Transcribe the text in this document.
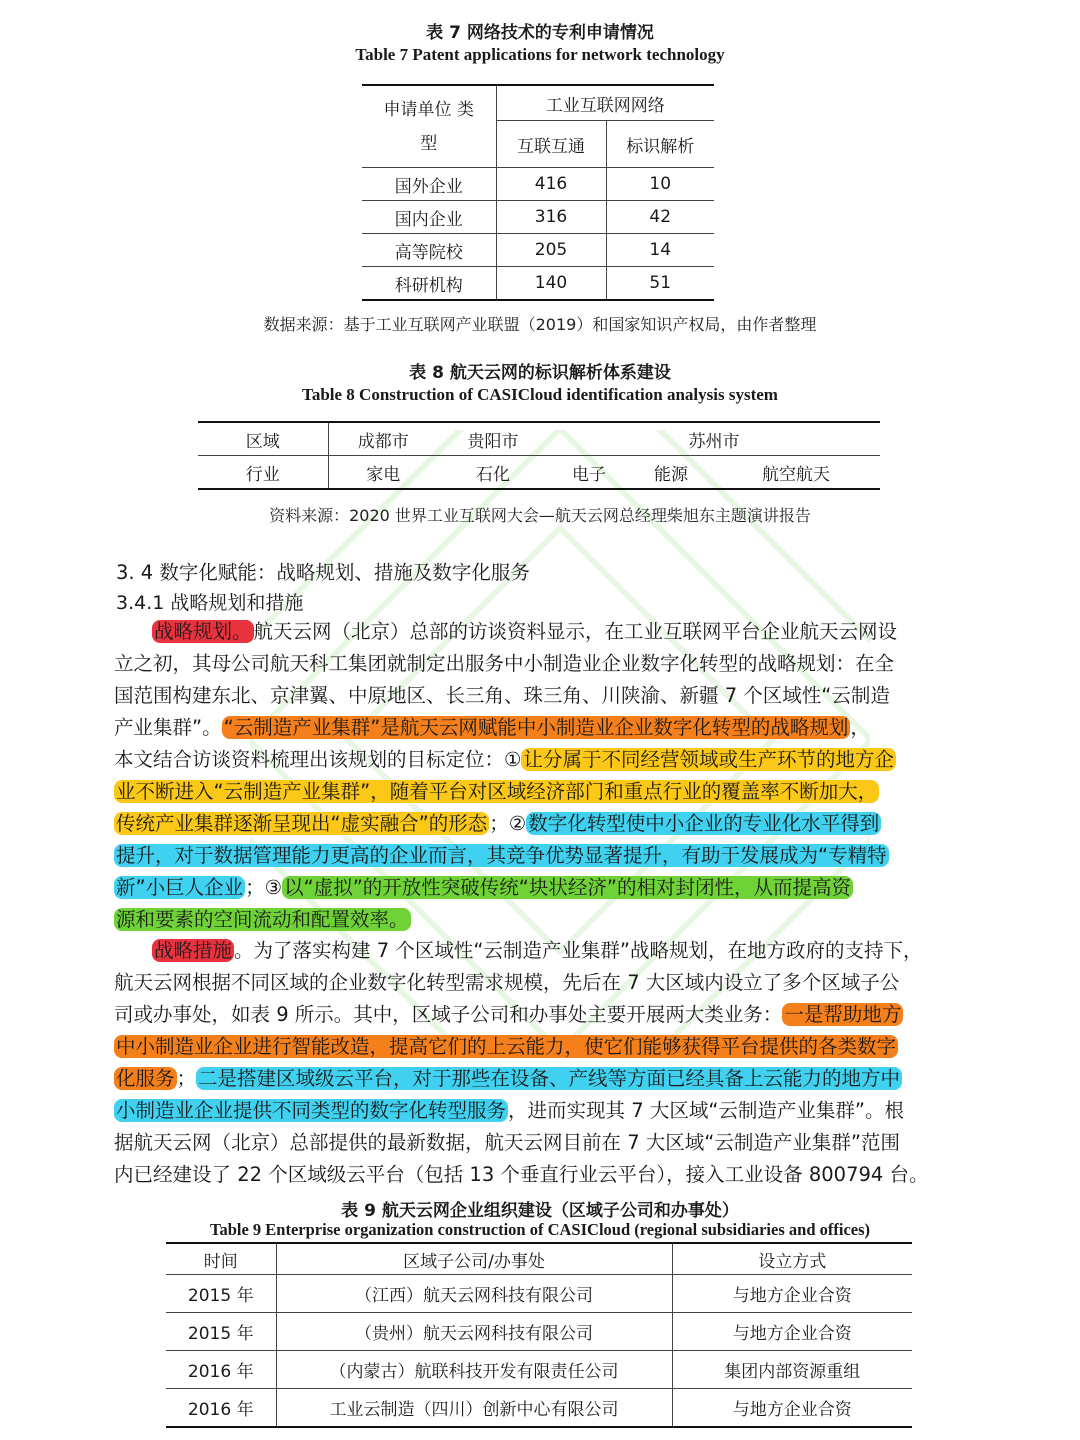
表 7 网络技术的专利申请情况
Table 7 Patent applications for network technology
申请单位 类型	工业互联网网络	
	互联互通	标识解析
国外企业	416	10
国内企业	316	42
高等院校	205	14
科研机构	140	51
数据来源：基于工业互联网产业联盟（2019）和国家知识产权局，由作者整理
表 8 航天云网的标识解析体系建设
Table 8 Construction of CASICloud identification analysis system
区域	成都市	贵阳市	苏州市		
行业	家电	石化	电子	能源	航空航天
资料来源：2020 世界工业互联网大会—航天云网总经理柴旭东主题演讲报告
3. 4 数字化赋能：战略规划、措施及数字化服务
3.4.1 战略规划和措施
战略规划。 航天云网（北京）总部的访谈资料显示，在工业互联网平台企业航天云网设
立之初，其母公司航天科工集团就制定出服务中小制造业企业数字化转型的战略规划：在全
国范围构建东北、京津翼、中原地区、长三角、珠三角、川陕渝、新疆 7 个区域性“云制造
产业集群”。 “云制造产业集群”是航天云网赋能中小制造业企业数字化转型的战略规划 ，
本文结合访谈资料梳理出该规划的目标定位：① 让分属于不同经营领域或生产环节的地方企
业不断进入“云制造产业集群”，随着平台对区域经济部门和重点行业的覆盖率不断加大，
传统产业集群逐渐呈现出“虚实融合”的形态 ；② 数字化转型使中小企业的专业化水平得到
提升，对于数据管理能力更高的企业而言，其竞争优势显著提升，有助于发展成为“专精特
新”小巨人企业 ；③ 以“虚拟”的开放性突破传统“块状经济”的相对封闭性，从而提高资
源和要素的空间流动和配置效率。
战略措施 。为了落实构建 7 个区域性“云制造产业集群”战略规划，在地方政府的支持下，
航天云网根据不同区域的企业数字化转型需求规模，先后在 7 大区域内设立了多个区域子公
司或办事处，如表 9 所示。其中，区域子公司和办事处主要开展两大类业务： 一是帮助地方
中小制造业企业进行智能改造，提高它们的上云能力，使它们能够获得平台提供的各类数字
化服务 ； 二是搭建区域级云平台，对于那些在设备、产线等方面已经具备上云能力的地方中
小制造业企业提供不同类型的数字化转型服务 ，进而实现其 7 大区域“云制造产业集群”。根
据航天云网（北京）总部提供的最新数据，航天云网目前在 7 大区域“云制造产业集群”范围
内已经建设了 22 个区域级云平台（包括 13 个垂直行业云平台），接入工业设备 800794 台。
表 9 航天云网企业组织建设（区域子公司和办事处）
Table 9 Enterprise organization construction of CASICloud (regional subsidiaries and offices)
时间	区域子公司/办事处	设立方式
2015 年	（江西）航天云网科技有限公司	与地方企业合资
2015 年	（贵州）航天云网科技有限公司	与地方企业合资
2016 年	（内蒙古）航联科技开发有限责任公司	集团内部资源重组
2016 年	工业云制造（四川）创新中心有限公司	与地方企业合资
